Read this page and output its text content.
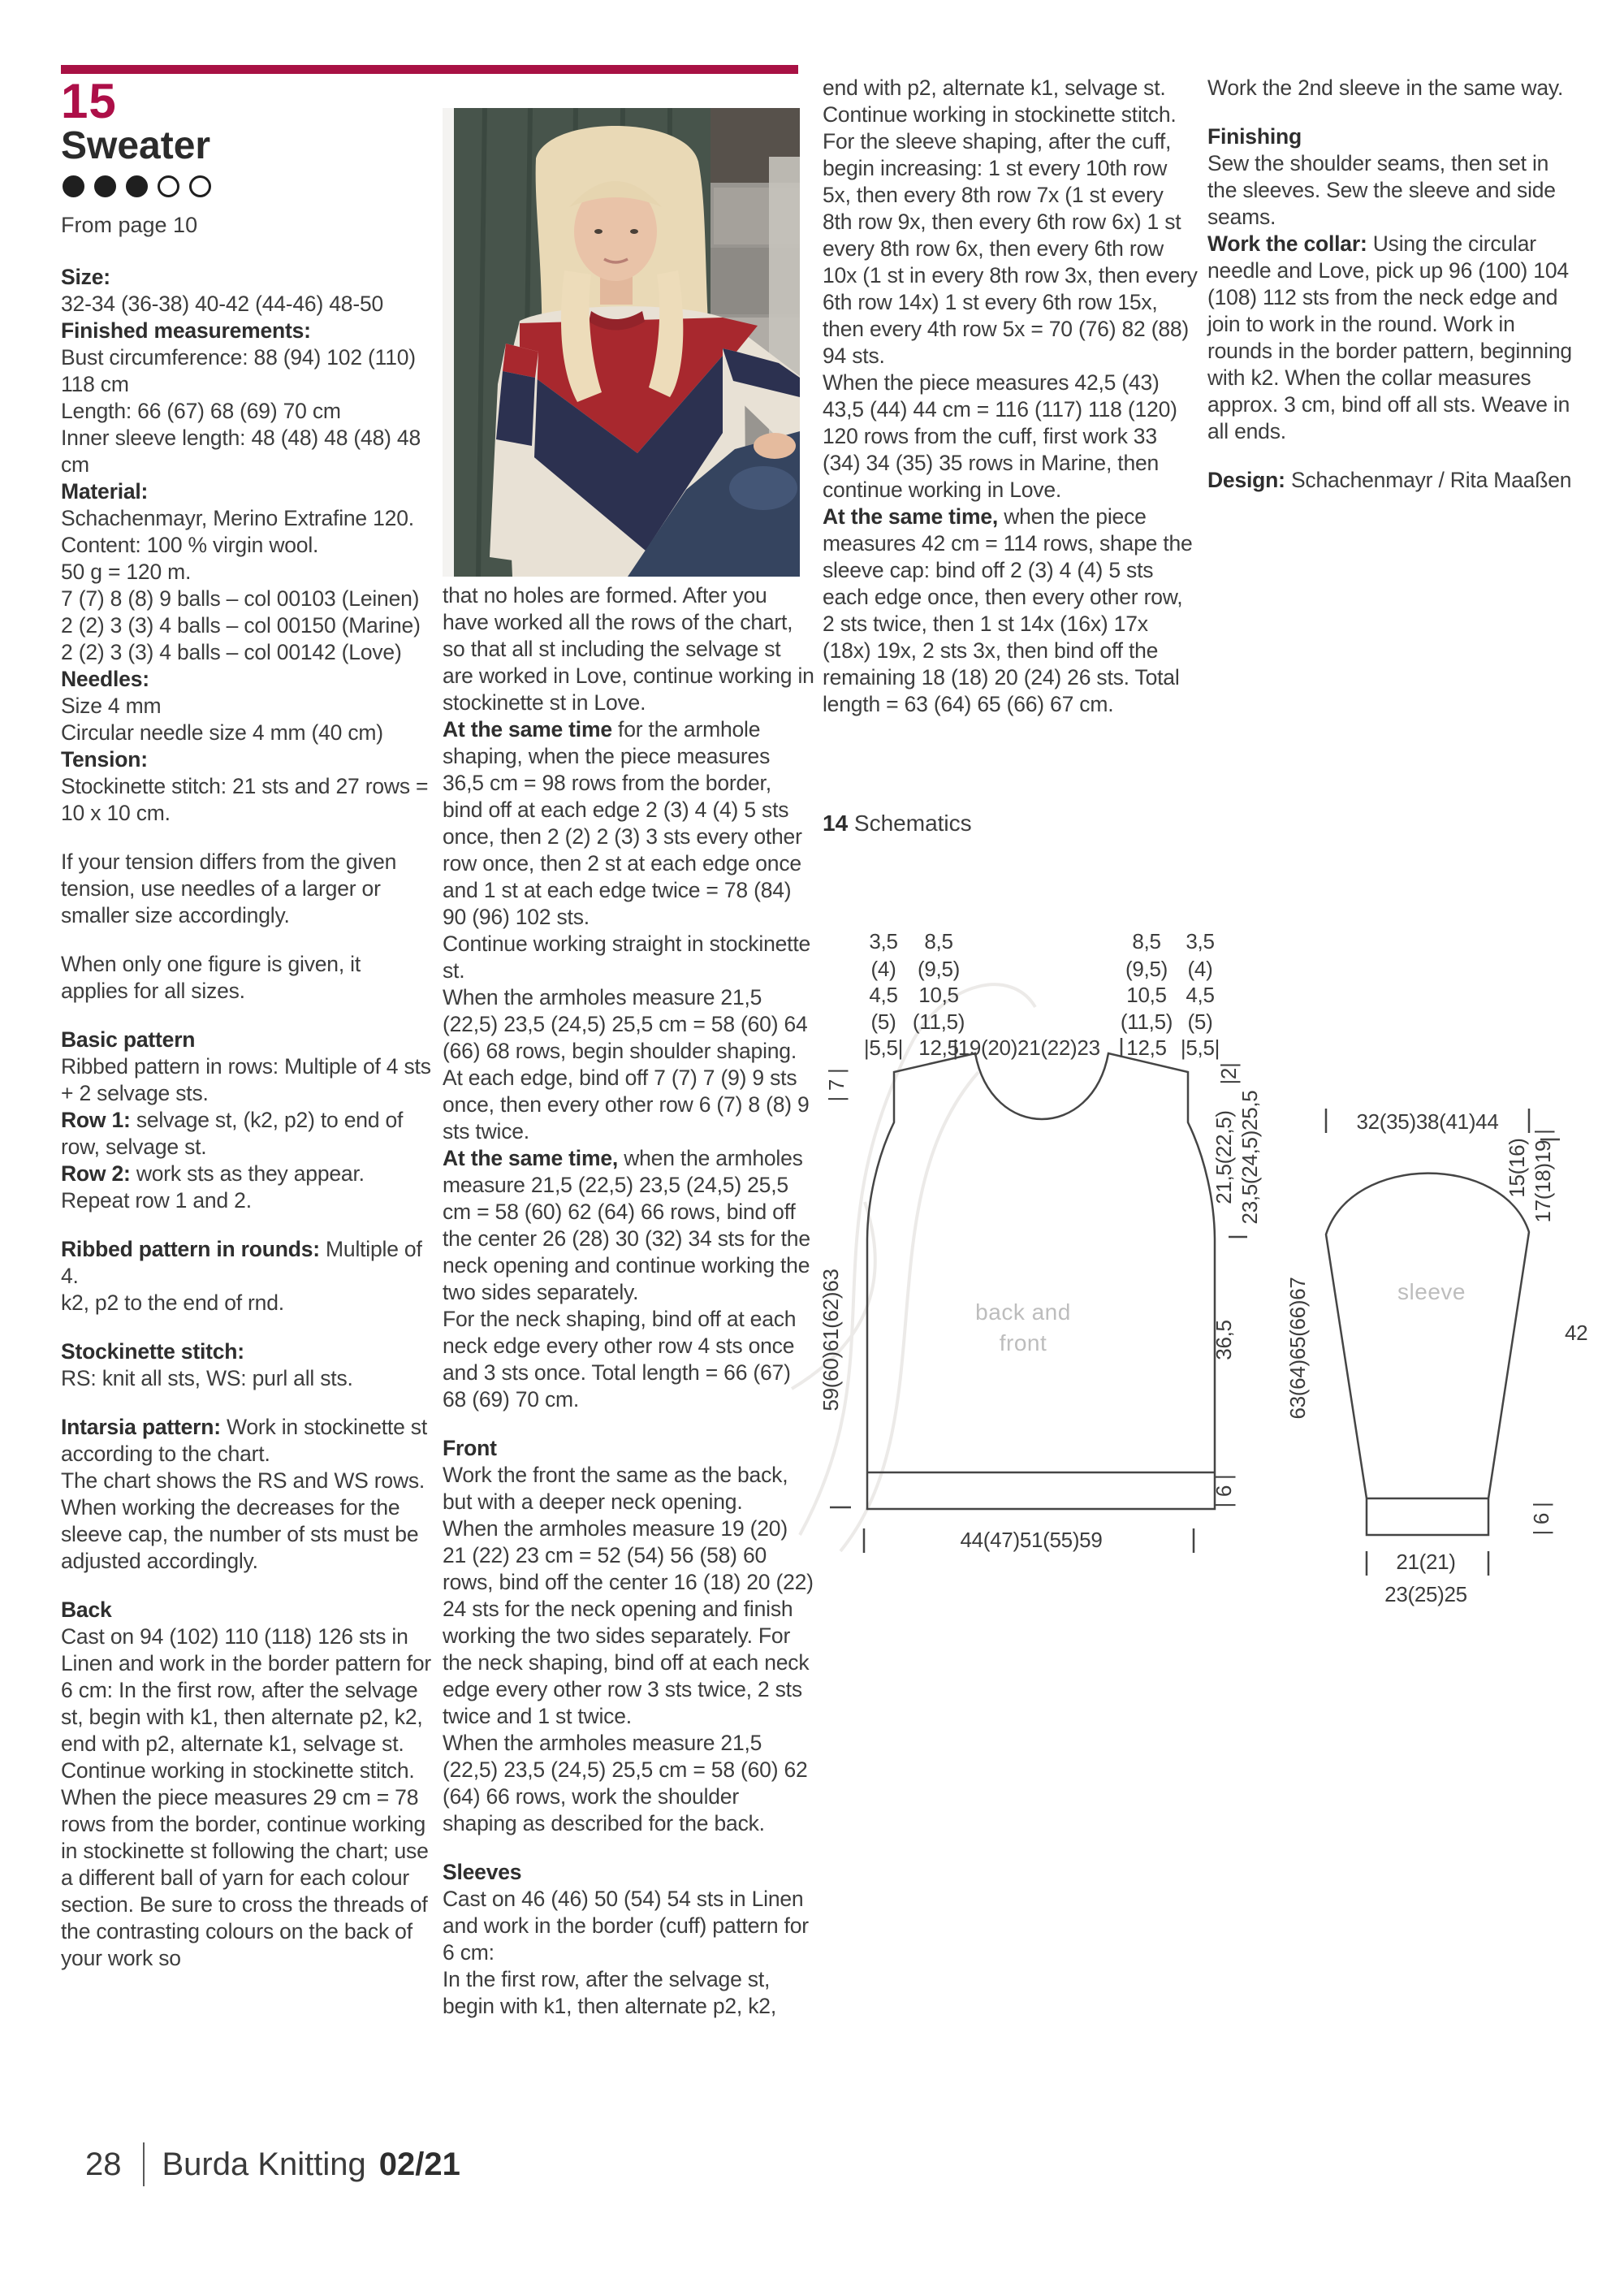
15
Sweater
From page 10

Size:

32-34 (36-38) 40-42 (44-46) 48-50

Finished measurements:

Bust circumference: 88 (94) 102 (110) 118 cm

Length: 66 (67) 68 (69) 70 cm

Inner sleeve length: 48 (48) 48 (48) 48 cm

Material:

Schachenmayr, Merino Extrafine 120.

Content: 100 % virgin wool.

50 g = 120 m.

7 (7) 8 (8) 9 balls – col 00103 (Leinen)

2 (2) 3 (3) 4 balls – col 00150 (Marine)

2 (2) 3 (3) 4 balls – col 00142 (Love)

Needles:

Size 4 mm

Circular needle size 4 mm (40 cm)

Tension:

Stockinette stitch: 21 sts and 27 rows = 10 x 10 cm.

If your tension differs from the given tension, use needles of a larger or smaller size accordingly.

When only one figure is given, it applies for all sizes.

Basic pattern

Ribbed pattern in rows: Multiple of 4 sts + 2 selvage sts.

Row 1: selvage st, (k2, p2) to end of row, selvage st.

Row 2: work sts as they appear.

Repeat row 1 and 2.

Ribbed pattern in rounds: Multiple of 4.

k2, p2 to the end of rnd.

Stockinette stitch:

RS: knit all sts, WS: purl all sts.

Intarsia pattern: Work in stockinette st according to the chart.

The chart shows the RS and WS rows.

When working the decreases for the sleeve cap, the number of sts must be adjusted accordingly.

Back

Cast on 94 (102) 110 (118) 126 sts in Linen and work in the border pattern for 6 cm: In the first row, after the selvage st, begin with k1, then alternate p2, k2, end with p2, alternate k1, selvage st. Continue working in stockinette stitch.

When the piece measures 29 cm = 78 rows from the border, continue working in stockinette st following the chart; use a different ball of yarn for each colour section. Be sure to cross the threads of the contrasting colours on the back of your work so

that no holes are formed. After you have worked all the rows of the chart, so that all st including the selvage st are worked in Love, continue working in stockinette st in Love.

At the same time for the armhole shaping, when the piece measures 36,5 cm = 98 rows from the border, bind off at each edge 2 (3) 4 (4) 5 sts once, then 2 (2) 2 (3) 3 sts every other row once, then 2 st at each edge once and 1 st at each edge twice = 78 (84) 90 (96) 102 sts.

Continue working straight in stockinette st.

When the armholes measure 21,5 (22,5) 23,5 (24,5) 25,5 cm = 58 (60) 64 (66) 68 rows, begin shoulder shaping. At each edge, bind off 7 (7) 7 (9) 9 sts once, then every other row 6 (7) 8 (8) 9 sts twice.

At the same time, when the armholes measure 21,5 (22,5) 23,5 (24,5) 25,5 cm = 58 (60) 62 (64) 66 rows, bind off the center 26 (28) 30 (32) 34 sts for the neck opening and continue working the two sides separately.

For the neck shaping, bind off at each neck edge every other row 4 sts once and 3 sts once. Total length = 66 (67) 68 (69) 70 cm.

Front

Work the front the same as the back, but with a deeper neck opening.

When the armholes measure 19 (20) 21 (22) 23 cm = 52 (54) 56 (58) 60 rows, bind off the center 16 (18) 20 (22) 24 sts for the neck opening and finish working the two sides separately. For the neck shaping, bind off at each neck edge every other row 3 sts twice, 2 sts twice and 1 st twice.

When the armholes measure 21,5 (22,5) 23,5 (24,5) 25,5 cm = 58 (60) 62 (64) 66 rows, work the shoulder shaping as described for the back.

Sleeves

Cast on 46 (46) 50 (54) 54 sts in Linen and work in the border (cuff) pattern for 6 cm:

In the first row, after the selvage st, begin with k1, then alternate p2, k2,

end with p2, alternate k1, selvage st. Continue working in stockinette stitch.

For the sleeve shaping, after the cuff, begin increasing: 1 st every 10th row 5x, then every 8th row 7x (1 st every 8th row 9x, then every 6th row 6x) 1 st every 8th row 6x, then every 6th row 10x (1 st in every 8th row 3x, then every 6th row 14x) 1 st every 6th row 15x, then every 4th row 5x = 70 (76) 82 (88) 94 sts.

When the piece measures 42,5 (43) 43,5 (44) 44 cm = 116 (117) 118 (120) 120 rows from the cuff, first work 33 (34) 34 (35) 35 rows in Marine, then continue working in Love.

At the same time, when the piece measures 42 cm = 114 rows, shape the sleeve cap: bind off 2 (3) 4 (4) 5 sts each edge once, then every other row, 2 sts twice, then 1 st 14x (16x) 17x (18x) 19x, 2 sts 3x, then bind off the remaining 18 (18) 20 (24) 26 sts. Total length = 63 (64) 65 (66) 67 cm.

Work the 2nd sleeve in the same way.

Finishing

Sew the shoulder seams, then set in the sleeves. Sew the sleeve and side seams.

Work the collar: Using the circular needle and Love, pick up 96 (100) 104 (108) 112 sts from the neck edge and join to work in the round. Work in rounds in the border pattern, beginning with k2. When the collar measures approx. 3 cm, bind off all sts. Weave in all ends.

Design: Schachenmayr / Rita Maaßen

14 Schematics
3,5
(4)
4,5
(5)
|5,5|
8,5
(9,5)
10,5
(11,5)
12,5
|19(20)21(22)23
8,5
(9,5)
10,5
(11,5)
12,5
3,5
(4)
4,5
(5)
|5,5|
back and
front
| 7 |
59(60)61(62)63
|2|
21,5(22,5) 23,5(24,5)25,5
36,5
| 6 |
44(47)51(55)59
32(35)38(41)44
sleeve
15(16) 17(18)19 |
63(64)65(66)67	42
| 6 |
21(21)
23(25)25
28 Burda Knitting 02/21
